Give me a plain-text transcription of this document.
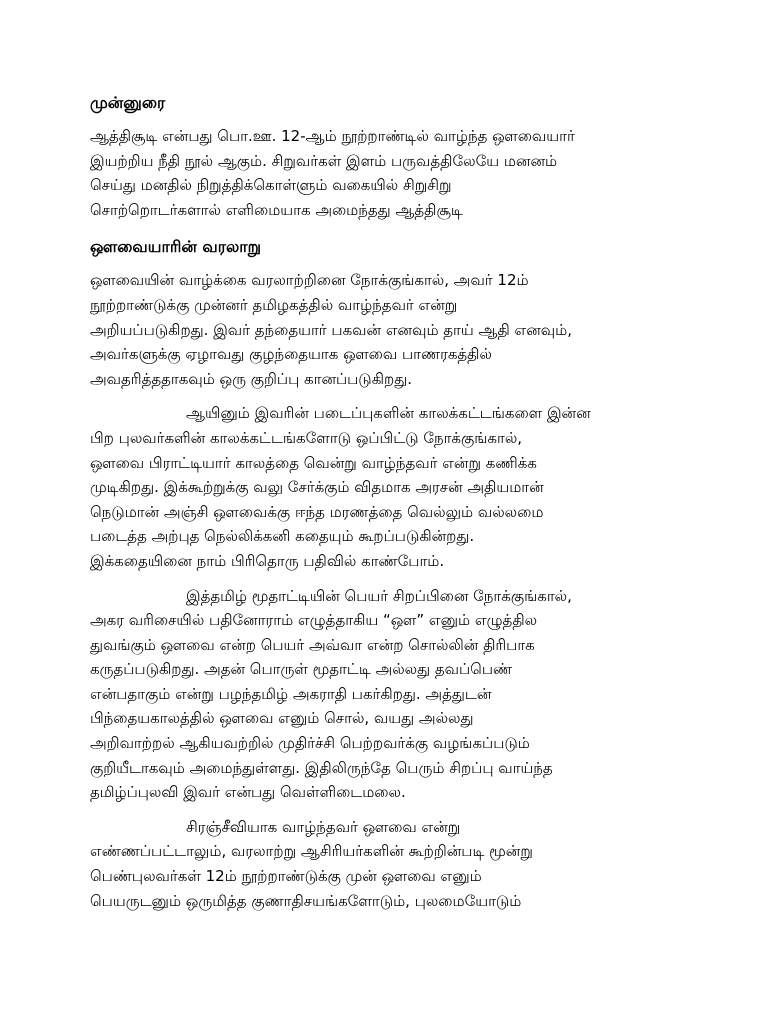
முன்னுரை
ஆத்திசூடி என்பது பொ.ஊ. 12-ஆம் நூற்றாண்டில் வாழ்ந்த ஔவையார்
இயற்றிய நீதி நூல் ஆகும். சிறுவர்கள் இளம் பருவத்திலேயே மனனம்
செய்து மனதில் நிறுத்திக்கொள்ளும் வகையில் சிறுசிறு
சொற்றொடர்களால் எளிமையாக அமைந்தது ஆத்திசூடி
ஔவையாரின் வரலாறு
ஔவையின் வாழ்க்கை வரலாற்றினை நோக்குங்கால், அவர் 12ம்
நூற்றாண்டுக்கு முன்னர் தமிழகத்தில் வாழ்ந்தவர் என்று
அறியப்படுகிறது. இவர் தந்தையார் பகவன் எனவும் தாய் ஆதி எனவும்,
அவர்களுக்கு ஏழாவது குழந்தையாக ஔவை பாணரகத்தில்
அவதரித்ததாகவும் ஒரு குறிப்பு கானப்படுகிறது.
ஆயினும் இவரின் படைப்புகளின் காலக்கட்டங்களை இன்ன
பிற புலவர்களின் காலக்கட்டங்களோடு ஒப்பிட்டு நோக்குங்கால்,
ஔவை பிராட்டியார் காலத்தை வென்று வாழ்ந்தவர் என்று கணிக்க
முடிகிறது. இக்கூற்றுக்கு வலு சேர்க்கும் விதமாக அரசன் அதியமான்
நெடுமான் அஞ்சி ஔவைக்கு ஈந்த மரணத்தை வெல்லும் வல்லமை
படைத்த அற்புத நெல்லிக்கனி கதையும் கூறப்படுகின்றது.
இக்கதையினை நாம் பிரிதொரு பதிவில் காண்போம்.
இத்தமிழ் மூதாட்டியின் பெயர் சிறப்பினை நோக்குங்கால்,
அகர வரிசையில் பதினோராம் எழுத்தாகிய “ஔ” எனும் எழுத்தில
துவங்கும் ஔவை என்ற பெயர் அவ்வா என்ற சொல்லின் திரிபாக
கருதப்படுகிறது. அதன் பொருள் மூதாட்டி அல்லது தவப்பெண்
என்பதாகும் என்று பழந்தமிழ் அகராதி பகர்கிறது. அத்துடன்
பிந்தையகாலத்தில் ஔவை எனும் சொல், வயது அல்லது
அறிவாற்றல் ஆகியவற்றில் முதிர்ச்சி பெற்றவர்க்கு வழங்கப்படும்
குறியீடாகவும் அமைந்துள்ளது. இதிலிருந்தே பெரும் சிறப்பு வாய்ந்த
தமிழ்ப்புலவி இவர் என்பது வெள்ளிடைமலை.
சிரஞ்சீவியாக வாழ்ந்தவர் ஔவை என்று
எண்ணப்பட்டாலும், வரலாற்று ஆசிரியர்களின் கூற்றின்படி மூன்று
பெண்புலவர்கள் 12ம் நூற்றாண்டுக்கு முன் ஔவை எனும்
பெயருடனும் ஒருமித்த குணாதிசயங்களோடும், புலமையோடும்
